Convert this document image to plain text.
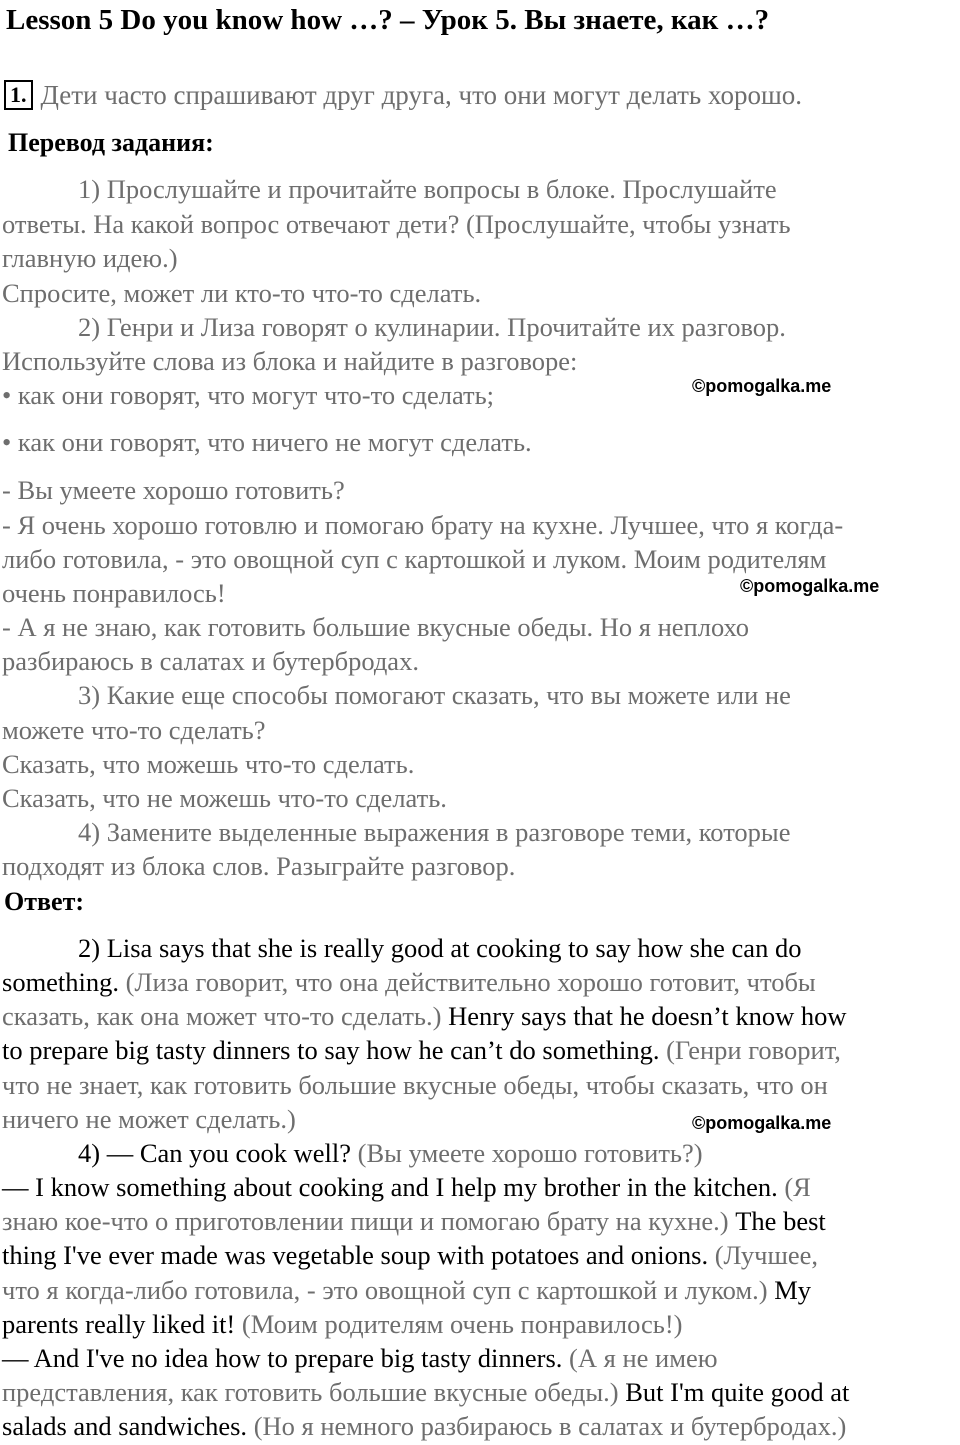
Lesson 5 Do you know how …? – Урок 5. Вы знаете, как …?
1. Дети часто спрашивают друг друга, что они могут делать хорошо.

Перевод задания:

1) Прослушайте и прочитайте вопросы в блоке. Прослушайте
ответы. На какой вопрос отвечают дети? (Прослушайте, чтобы узнать
главную идею.)
Спросите, может ли кто-то что-то сделать.
2) Генри и Лиза говорят о кулинарии. Прочитайте их разговор.
Используйте слова из блока и найдите в разговоре:
• как они говорят, что могут что-то сделать;
• как они говорят, что ничего не могут сделать.
- Вы умеете хорошо готовить?
- Я очень хорошо готовлю и помогаю брату на кухне. Лучшее, что я когда-
либо готовила, - это овощной суп с картошкой и луком. Моим родителям
очень понравилось!
- А я не знаю, как готовить большие вкусные обеды. Но я неплохо
разбираюсь в салатах и бутербродах.
3) Какие еще способы помогают сказать, что вы можете или не
можете что-то сделать?
Сказать, что можешь что-то сделать.
Сказать, что не можешь что-то сделать.
4) Замените выделенные выражения в разговоре теми, которые
подходят из блока слов. Разыграйте разговор.

Ответ:

2) Lisa says that she is really good at cooking to say how she can do
something. (Лиза говорит, что она действительно хорошо готовит, чтобы
сказать, как она может что-то сделать.) Henry says that he doesn’t know how
to prepare big tasty dinners to say how he can’t do something. (Генри говорит,
что не знает, как готовить большие вкусные обеды, чтобы сказать, что он
ничего не может сделать.)
4) — Can you cook well? (Вы умеете хорошо готовить?)
— I know something about cooking and I help my brother in the kitchen. (Я
знаю кое-что о приготовлении пищи и помогаю брату на кухне.) The best
thing I've ever made was vegetable soup with potatoes and onions. (Лучшее,
что я когда-либо готовила, - это овощной суп с картошкой и луком.) My
parents really liked it! (Моим родителям очень понравилось!)
— And I've no idea how to prepare big tasty dinners. (А я не имею
представления, как готовить большие вкусные обеды.) But I'm quite good at
salads and sandwiches. (Но я немного разбираюсь в салатах и бутербродах.)
©pomogalka.me
©pomogalka.me
©pomogalka.me
